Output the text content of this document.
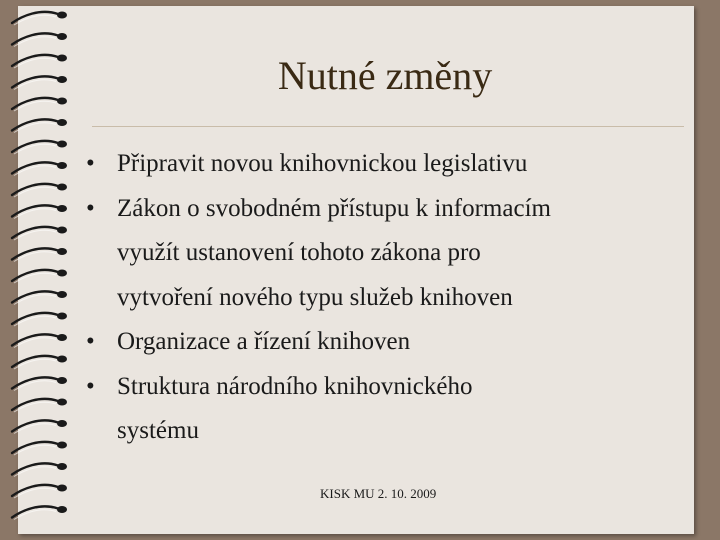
Nutné změny
• Připravit novou knihovnickou legislativu
• Zákon o svobodném přístupu k informacím
využít ustanovení tohoto zákona pro
vytvoření nového typu služeb knihoven
• Organizace a řízení knihoven
• Struktura národního knihovnického
systému
KISK MU 2. 10. 2009
